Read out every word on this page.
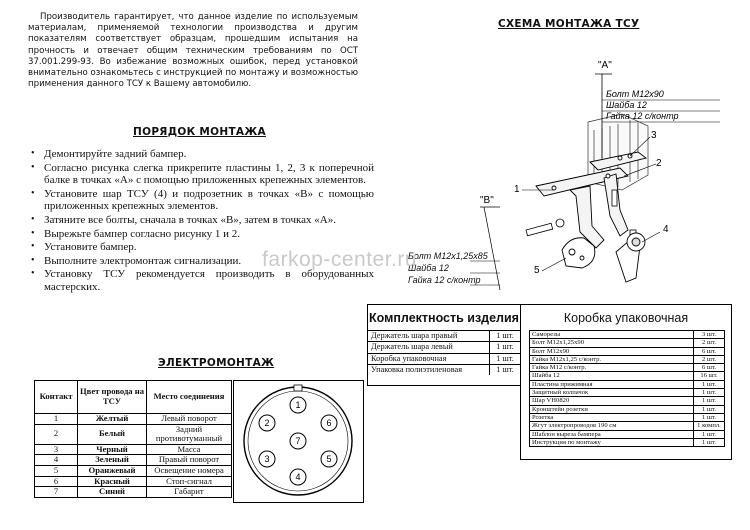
Производитель гарантирует, что данное изделие по используемым материалам, применяемой технологии производства и другим показателям соответствует образцам, прошедшим испытания на прочность и отвечает общим техническим требованиям по ОСТ 37.001.299-93. Во избежание возможных ошибок, перед установкой внимательно ознакомьтесь с инструкцией по монтажу и возможностью применения данного ТСУ к Вашему автомобилю.
ПОРЯДОК МОНТАЖА
• Демонтируйте задний бампер.
• Согласно рисунка слегка прикрепите пластины 1, 2, 3 к поперечной балке в точках «А» с помощью приложенных крепежных элементов.
• Установите шар ТСУ (4) и подрозетник в точках «В» с помощью приложенных крепежных элементов.
• Затяните все болты, сначала в точках «В», затем в точках «А».
• Вырежьте бампер согласно рисунку 1 и 2.
• Установите бампер.
• Выполните электромонтаж сигнализации.
• Установку ТСУ рекомендуется производить в оборудованных мастерских.
СХЕМА МОНТАЖА ТСУ
"А"
Болт М12х90
Шайба 12
Гайка 12 с/контр
"В"
1
2
3
4
5
Болт М12х1,25х85
Шайба 12
Гайка 12 с/контр
farkop-center.ru
ЭЛЕКТРОМОНТАЖ
Контакт	Цвет провода на ТСУ	Место соединения
1	Желтый	Левый поворот
2	Белый	Задний противотуманный
3	Черный	Масса
4	Зеленый	Правый поворот
5	Оранжевый	Освещение номера
6	Красный	Стоп-сигнал
7	Синий	Габарит
1
2	6
7
3	5
4
Комплектность изделия
Держатель шара правый	1 шт.
Держатель шара левый	1 шт.
Коробка упаковочная	1 шт.
Упаковка полиэтиленовая	1 шт.
Коробка упаковочная
Саморезы	3 шт.
Болт М12х1,25х90	2 шт.
Болт М12х90	6 шт.
Гайка М12х1,25 с/контр.	2 шт.
Гайка М12 с/контр.	6 шт.
Шайба 12	16 шт.
Пластина прижимная	1 шт.
Защитный колпачок	1 шт.
Шар VH0820	1 шт.
Кронштейн розетки	1 шт.
Розетка	1 шт.
Жгут электропроводов 190 см	1 компл.
Шаблон выреза бампера	1 шт.
Инструкция по монтажу	1 шт.
